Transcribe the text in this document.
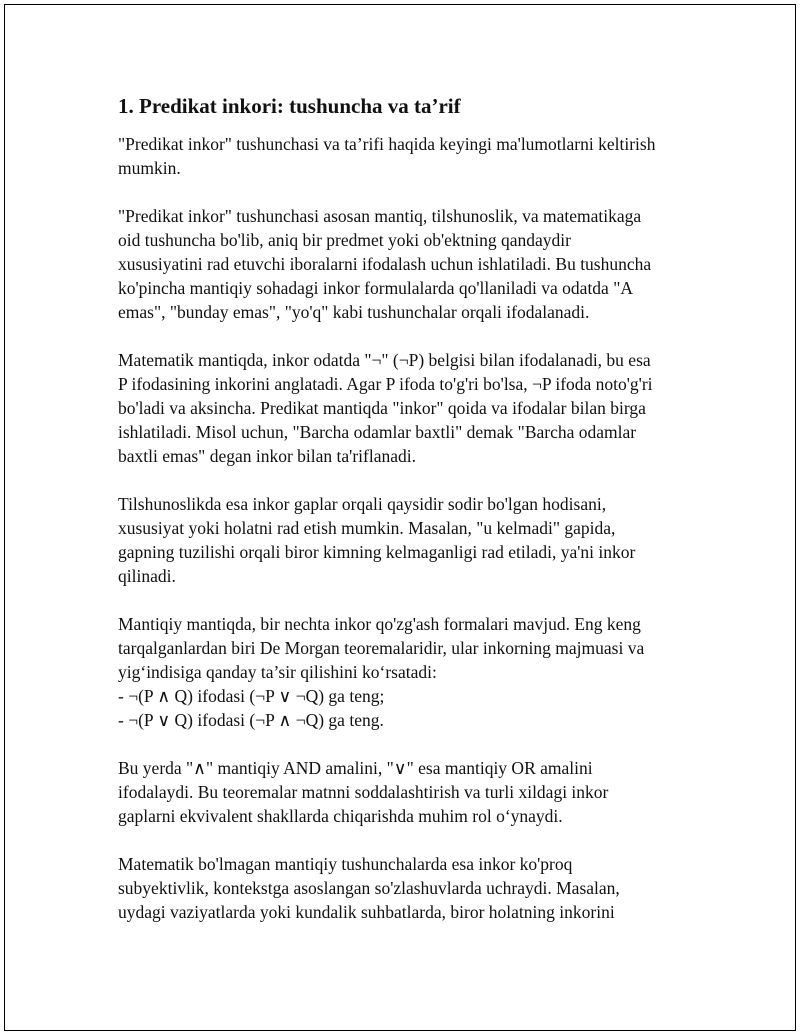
1. Predikat inkori: tushuncha va ta’rif

"Predikat inkor" tushunchasi va ta’rifi haqida keyingi ma'lumotlarni keltirish
mumkin.

"Predikat inkor" tushunchasi asosan mantiq, tilshunoslik, va matematikaga
oid tushuncha bo'lib, aniq bir predmet yoki ob'ektning qandaydir
xususiyatini rad etuvchi iboralarni ifodalash uchun ishlatiladi. Bu tushuncha
ko'pincha mantiqiy sohadagi inkor formulalarda qo'llaniladi va odatda "A
emas", "bunday emas", "yo'q" kabi tushunchalar orqali ifodalanadi.

Matematik mantiqda, inkor odatda "¬" (¬P) belgisi bilan ifodalanadi, bu esa
P ifodasining inkorini anglatadi. Agar P ifoda to'g'ri bo'lsa, ¬P ifoda noto'g'ri
bo'ladi va aksincha. Predikat mantiqda "inkor" qoida va ifodalar bilan birga
ishlatiladi. Misol uchun, "Barcha odamlar baxtli" demak "Barcha odamlar
baxtli emas" degan inkor bilan ta'riflanadi.

Tilshunoslikda esa inkor gaplar orqali qaysidir sodir bo'lgan hodisani,
xususiyat yoki holatni rad etish mumkin. Masalan, "u kelmadi" gapida,
gapning tuzilishi orqali biror kimning kelmaganligi rad etiladi, ya'ni inkor
qilinadi.

Mantiqiy mantiqda, bir nechta inkor qo'zg'ash formalari mavjud. Eng keng
tarqalganlardan biri De Morgan teoremalaridir, ular inkorning majmuasi va
yig‘indisiga qanday ta’sir qilishini ko‘rsatadi:
- ¬(P ∧ Q) ifodasi (¬P ∨ ¬Q) ga teng;
- ¬(P ∨ Q) ifodasi (¬P ∧ ¬Q) ga teng.

Bu yerda "∧" mantiqiy AND amalini, "∨" esa mantiqiy OR amalini
ifodalaydi. Bu teoremalar matnni soddalashtirish va turli xildagi inkor
gaplarni ekvivalent shakllarda chiqarishda muhim rol o‘ynaydi.

Matematik bo'lmagan mantiqiy tushunchalarda esa inkor ko'proq
subyektivlik, kontekstga asoslangan so'zlashuvlarda uchraydi. Masalan,
uydagi vaziyatlarda yoki kundalik suhbatlarda, biror holatning inkorini
